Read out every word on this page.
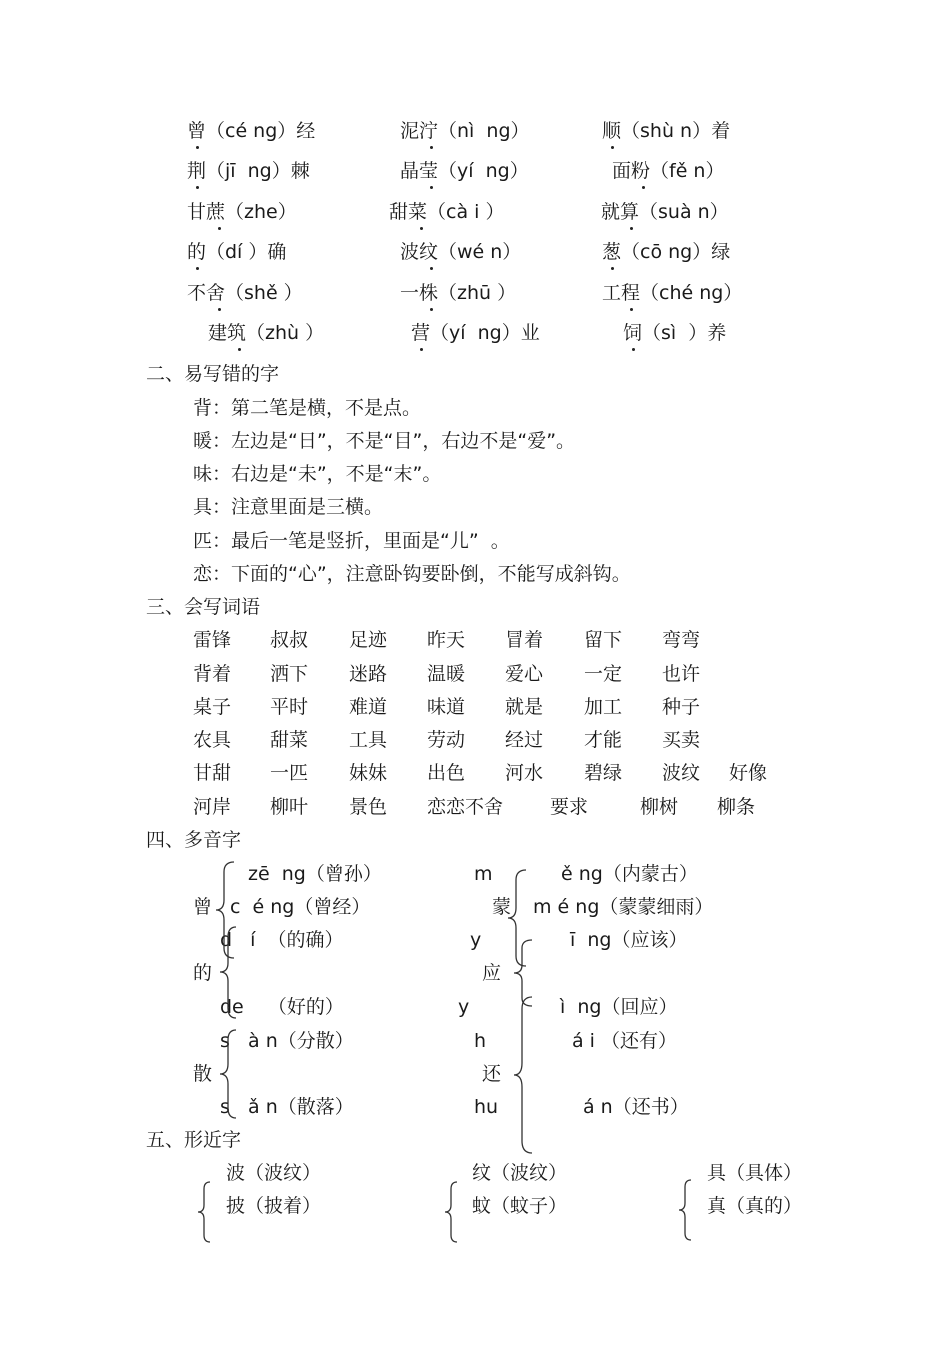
曾（cé ng）经	泥泞（nì  ng）	顺（shù n）着
荆（jī  ng）棘	晶莹（yí  ng）	面粉（fě n）
甘蔗（zhe）	甜菜（cà i ）	就算（suà n）
的（dí ）确	波纹（wé n）	葱（cō ng）绿
不舍（shě ）	一株（zhū ）	工程（ché ng）
建筑（zhù ）	营（yí  ng）业	饲（sì  ）养
二、易写错的字
背：第二笔是横，不是点。
暖：左边是“日”，不是“目”，右边不是“爱”。
味：右边是“未”，不是“末”。
具：注意里面是三横。
匹：最后一笔是竖折，里面是“儿”  。
恋：下面的“心”，注意卧钩要卧倒，不能写成斜钩。
三、会写词语
雷锋 叔叔 足迹 昨天 冒着 留下 弯弯
背着 洒下 迷路 温暖 爱心 一定 也许
桌子 平时 难道 味道 就是 加工 种子
农具 甜菜 工具 劳动 经过 才能 买卖
甘甜 一匹 妹妹 出色 河水 碧绿 波纹 好像
河岸 柳叶 景色 恋恋不舍 要求	柳树 柳条
四、多音字
zē  ng（曾孙）
曾 c  é ng（曾经）
d   í  （的确）
的
de    （好的）
s   à n（分散）
散
s   ǎ n（散落）
m	ě ng（内蒙古）
蒙 m é ng（蒙蒙细雨）
y	ī  ng（应该）
应
y	ì  ng（回应）
h	á i （还有）
还
hu	á n（还书）
五、形近字
波（波纹）
披（披着）
纹（波纹）
蚊（蚊子）
具（具体）
真（真的）
